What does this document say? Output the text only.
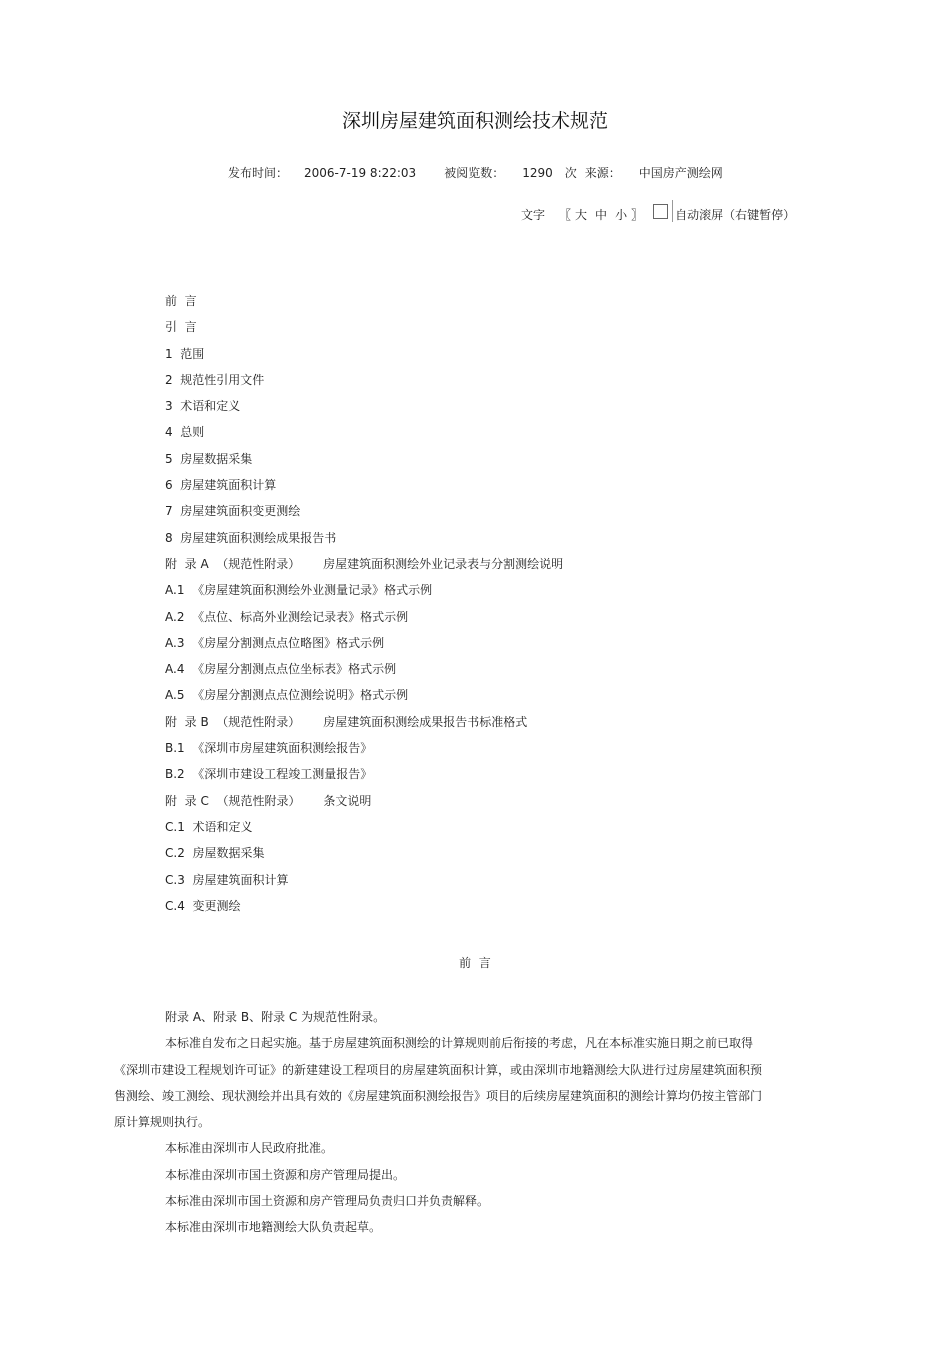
深圳房屋建筑面积测绘技术规范
发布时间： 2006-7-19 8:22:03 被阅览数： 1290 次 来源： 中国房产测绘网
文字 〖 大 中 小 〗	自动滚屏（右键暂停）
前  言
引  言
1  范围
2  规范性引用文件
3  术语和定义
4  总则
5  房屋数据采集
6  房屋建筑面积计算
7  房屋建筑面积变更测绘
8  房屋建筑面积测绘成果报告书
附  录 A  （规范性附录）      房屋建筑面积测绘外业记录表与分割测绘说明
A.1  《房屋建筑面积测绘外业测量记录》格式示例
A.2  《点位、标高外业测绘记录表》格式示例
A.3  《房屋分割测点点位略图》格式示例
A.4  《房屋分割测点点位坐标表》格式示例
A.5  《房屋分割测点点位测绘说明》格式示例
附  录 B  （规范性附录）      房屋建筑面积测绘成果报告书标准格式
B.1  《深圳市房屋建筑面积测绘报告》
B.2  《深圳市建设工程竣工测量报告》
附  录 C  （规范性附录）      条文说明
C.1  术语和定义
C.2  房屋数据采集
C.3  房屋建筑面积计算
C.4  变更测绘
前  言

附录 A、附录 B、附录 C 为规范性附录。

本标准自发布之日起实施。基于房屋建筑面积测绘的计算规则前后衔接的考虑，凡在本标准实施日期之前已取得《深圳市建设工程规划许可证》的新建建设工程项目的房屋建筑面积计算，或由深圳市地籍测绘大队进行过房屋建筑面积预售测绘、竣工测绘、现状测绘并出具有效的《房屋建筑面积测绘报告》项目的后续房屋建筑面积的测绘计算均仍按主管部门原计算规则执行。

本标准由深圳市人民政府批准。

本标准由深圳市国土资源和房产管理局提出。

本标准由深圳市国土资源和房产管理局负责归口并负责解释。

本标准由深圳市地籍测绘大队负责起草。
